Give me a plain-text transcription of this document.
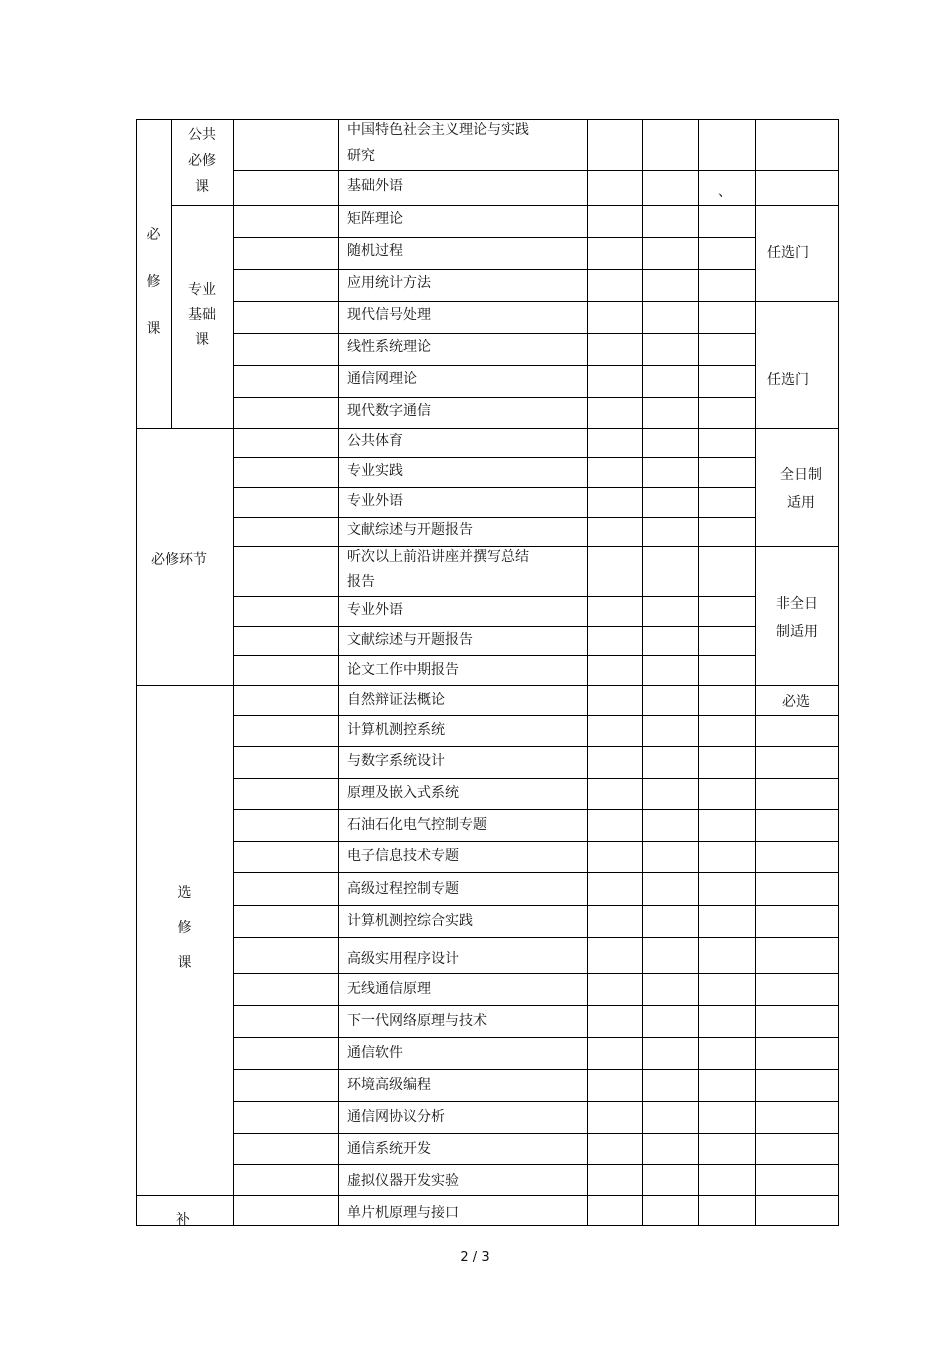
必
修
课
公共
必修
课
专业
基础
课
中国特色社会主义理论与实践
研究
基础外语	、
矩阵理论
随机过程
应用统计方法
现代信号处理
线性系统理论
通信网理论
现代数字通信
任选门
任选门
必修环节
公共体育
专业实践
专业外语
文献综述与开题报告
听次以上前沿讲座并撰写总结
报告
专业外语
文献综述与开题报告
论文工作中期报告
全日制
适用
非全日
制适用
选
修
课
自然辩证法概论
计算机测控系统
与数字系统设计
原理及嵌入式系统
石油石化电气控制专题
电子信息技术专题
高级过程控制专题
计算机测控综合实践
高级实用程序设计
无线通信原理
下一代网络原理与技术
通信软件
环境高级编程
通信网协议分析
通信系统开发
虚拟仪器开发实验
必选
补	单片机原理与接口
2 / 3
